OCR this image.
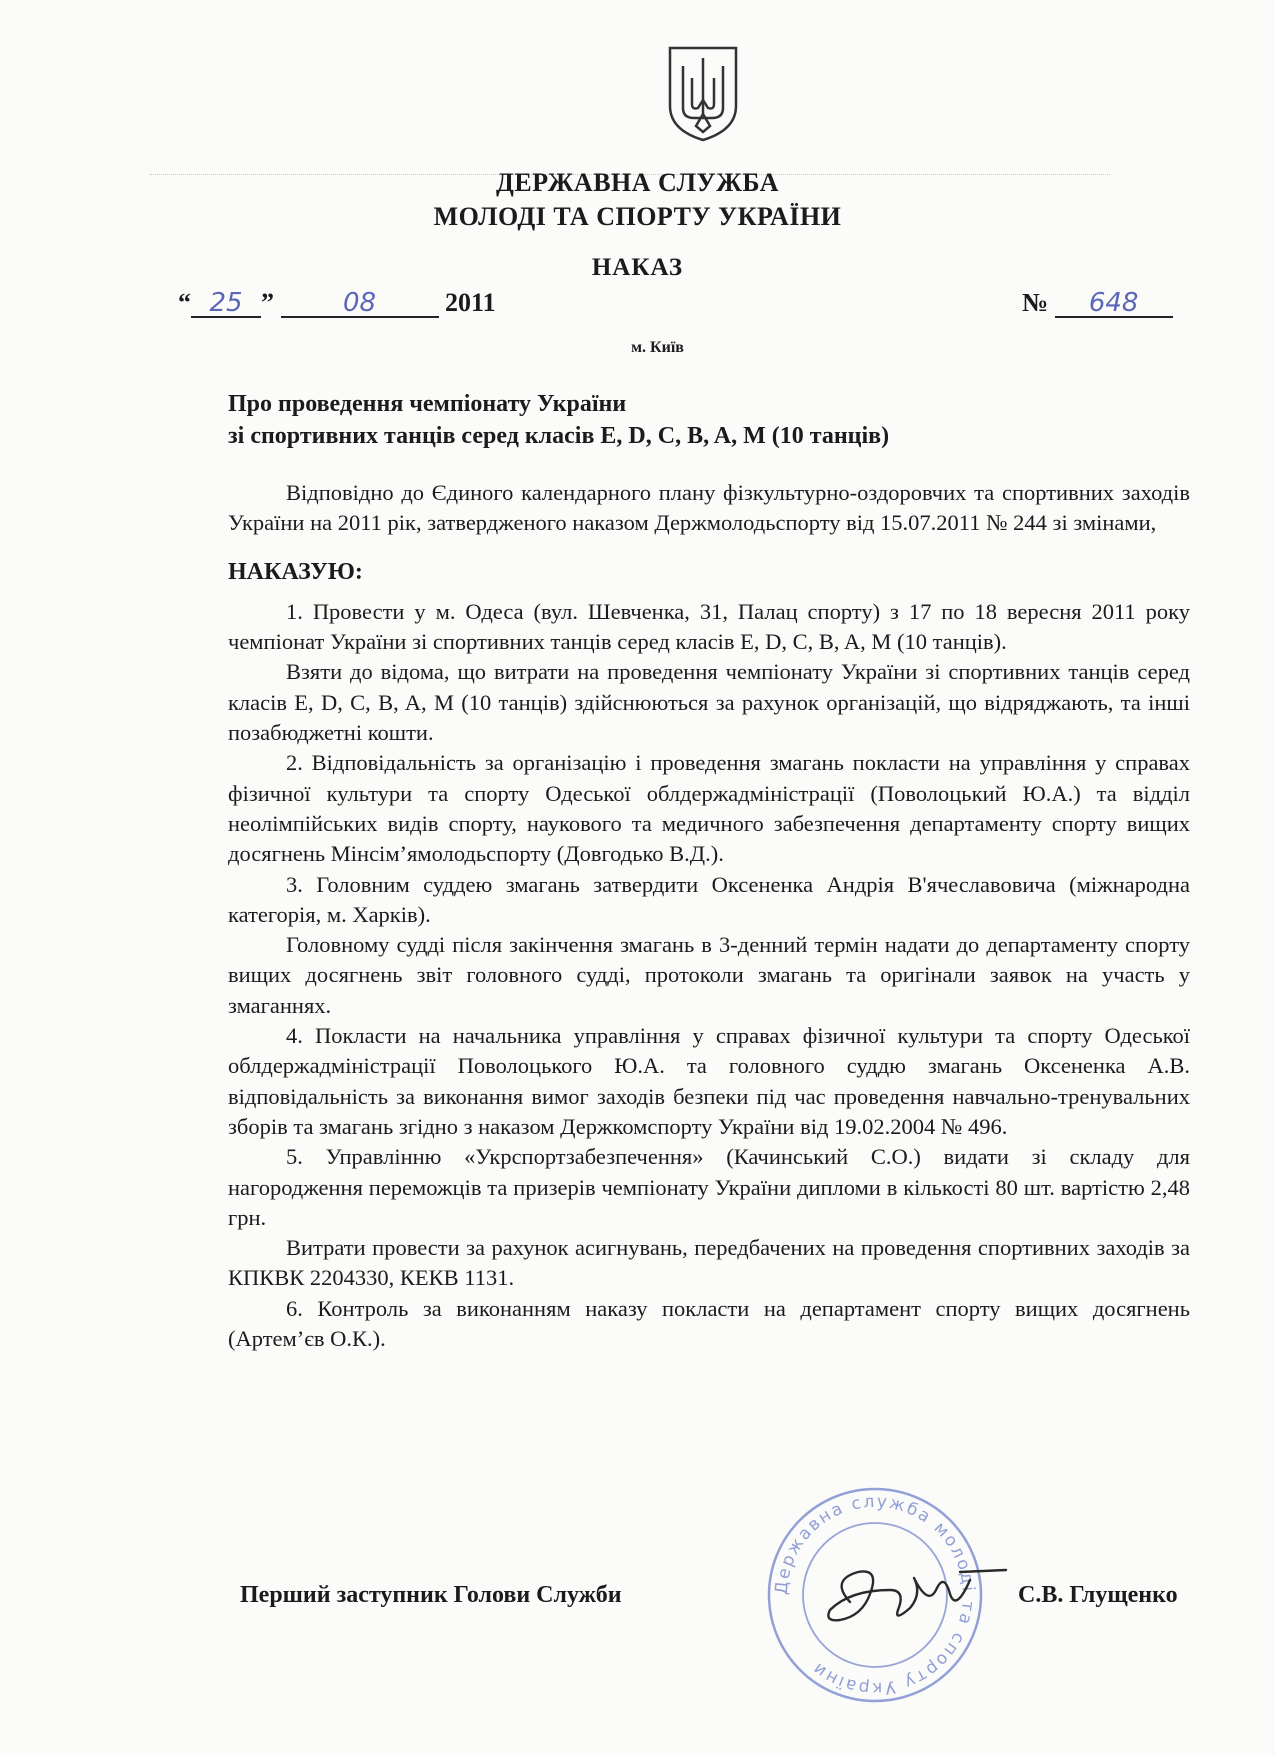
ДЕРЖАВНА СЛУЖБА
МОЛОДІ ТА СПОРТУ УКРАЇНИ
НАКАЗ
“ 25 ”	08	2011	№ 648
м. Київ
Про проведення чемпіонату України
зі спортивних танців серед класів E, D, C, B, A, M (10 танців)

Відповідно до Єдиного календарного плану фізкультурно-оздоровчих та спортивних заходів України на 2011 рік, затвердженого наказом Держмолодьспорту від 15.07.2011 № 244 зі змінами,

НАКАЗУЮ:

1. Провести у м. Одеса (вул. Шевченка, 31, Палац спорту) з 17 по 18 вересня 2011 року чемпіонат України зі спортивних танців серед класів E, D, C, B, A, M (10 танців).

Взяти до відома, що витрати на проведення чемпіонату України зі спортивних танців серед класів E, D, C, B, A, M (10 танців) здійснюються за рахунок організацій, що відряджають, та інші позабюджетні кошти.

2. Відповідальність за організацію і проведення змагань покласти на управління у справах фізичної культури та спорту Одеської облдержадміністрації (Поволоцький Ю.А.) та відділ неолімпійських видів спорту, наукового та медичного забезпечення департаменту спорту вищих досягнень Мінсім’ямолодьспорту (Довгодько В.Д.).

3. Головним суддею змагань затвердити Оксененка Андрія В'ячеславовича (міжнародна категорія, м. Харків).

Головному судді після закінчення змагань в 3-денний термін надати до департаменту спорту вищих досягнень звіт головного судді, протоколи змагань та оригінали заявок на участь у змаганнях.

4. Покласти на начальника управління у справах фізичної культури та спорту Одеської облдержадміністрації Поволоцького Ю.А. та головного суддю змагань Оксененка А.В. відповідальність за виконання вимог заходів безпеки під час проведення навчально-тренувальних зборів та змагань згідно з наказом Держкомспорту України від 19.02.2004 № 496.

5. Управлінню «Укрспортзабезпечення» (Качинський С.О.) видати зі складу для нагородження переможців та призерів чемпіонату України дипломи в кількості 80 шт. вартістю 2,48 грн.

Витрати провести за рахунок асигнувань, передбачених на проведення спортивних заходів за КПКВК 2204330, КЕКВ 1131.

6. Контроль за виконанням наказу покласти на департамент спорту вищих досягнень (Артем’єв О.К.).

Державна служба молоді та спорту України
Перший заступник Голови Служби	С.В. Глущенко
